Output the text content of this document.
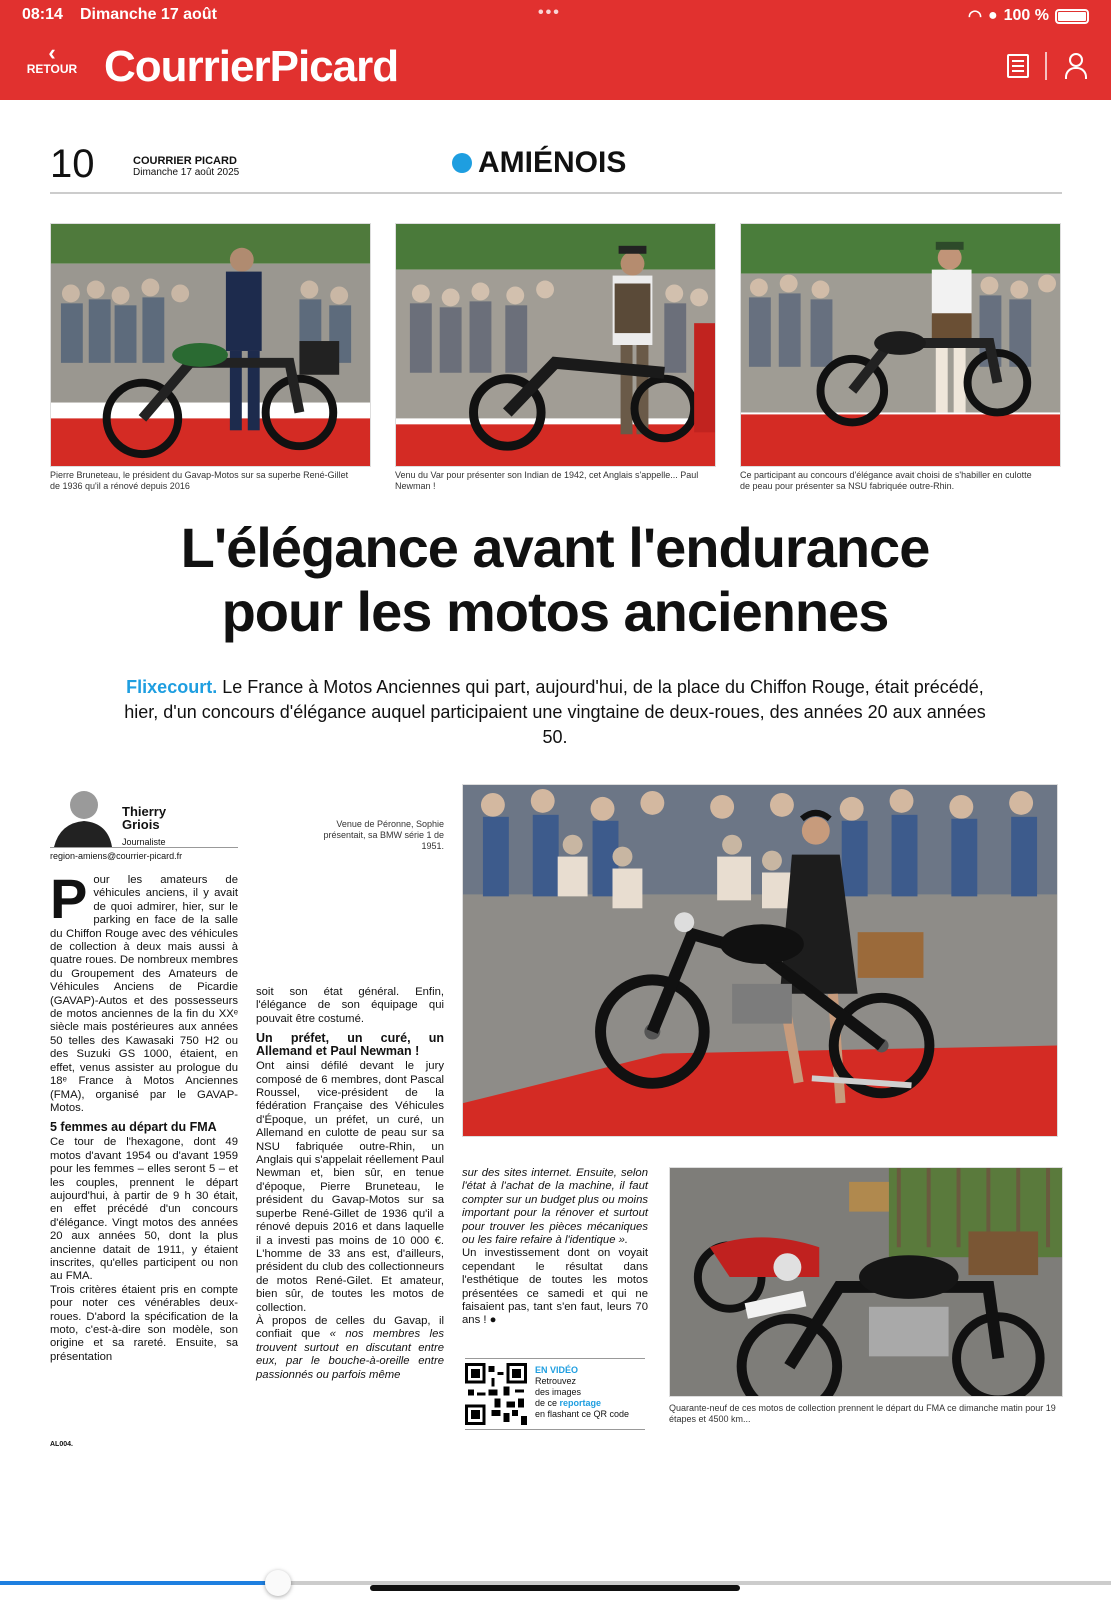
08:14 Dimanche 17 août	•••	◠ ● 100 %
‹
RETOUR CourrierPicard
10	COURRIER PICARD
Dimanche 17 août 2025	AMIÉNOIS
Pierre Bruneteau, le président du Gavap-Motos sur sa superbe René-Gillet de 1936 qu'il a rénové depuis 2016
Venu du Var pour présenter son Indian de 1942, cet Anglais s'appelle... Paul Newman !
Ce participant au concours d'élégance avait choisi de s'habiller en culotte de peau pour présenter sa NSU fabriquée outre-Rhin.
L'élégance avant l'endurance
pour les motos anciennes
Flixecourt. Le France à Motos Anciennes qui part, aujourd'hui, de la place du Chiffon Rouge, était précédé, hier, d'un concours d'élégance auquel participaient une vingtaine de deux-roues, des années 20 aux années 50.
Thierry
Griois
Journaliste
region-amiens@courrier-picard.fr

Pour les amateurs de véhicules anciens, il y avait de quoi admirer, hier, sur le parking en face de la salle du Chiffon Rouge avec des véhicules de collection à deux mais aussi à quatre roues. De nombreux membres du Groupement des Amateurs de Véhicules Anciens de Picardie (GAVAP)-Autos et des possesseurs de motos anciennes de la fin du XXᵉ siècle mais postérieures aux années 50 telles des Kawasaki 750 H2 ou des Suzuki GS 1000, étaient, en effet, venus assister au prologue du 18ᵉ France à Motos Anciennes (FMA), organisé par le GAVAP-Motos.

5 femmes au départ du FMA

Ce tour de l'hexagone, dont 49 motos d'avant 1954 ou d'avant 1959 pour les femmes – elles seront 5 – et les couples, prennent le départ aujourd'hui, à partir de 9 h 30 était, en effet précédé d'un concours d'élégance. Vingt motos des années 20 aux années 50, dont la plus ancienne datait de 1911, y étaient inscrites, qu'elles participent ou non au FMA.

Trois critères étaient pris en compte pour noter ces vénérables deux-roues. D'abord la spécification de la moto, c'est-à-dire son modèle, son origine et sa rareté. Ensuite, sa présentation

Venue de Péronne, Sophie présentait, sa BMW série 1 de 1951.

soit son état général. Enfin, l'élégance de son équipage qui pouvait être costumé.

Un préfet, un curé, un Allemand et Paul Newman !

Ont ainsi défilé devant le jury composé de 6 membres, dont Pascal Roussel, vice-président de la fédération Française des Véhicules d'Époque, un préfet, un curé, un Allemand en culotte de peau sur sa NSU fabriquée outre-Rhin, un Anglais qui s'appelait réellement Paul Newman et, bien sûr, en tenue d'époque, Pierre Bruneteau, le président du Gavap-Motos sur sa superbe René-Gillet de 1936 qu'il a rénové depuis 2016 et dans laquelle il a investi pas moins de 10 000 €. L'homme de 33 ans est, d'ailleurs, président du club des collectionneurs de motos René-Gilet. Et amateur, bien sûr, de toutes les motos de collection.

À propos de celles du Gavap, il confiait que « nos membres les trouvent surtout en discutant entre eux, par le bouche-à-oreille entre passionnés ou parfois même

sur des sites internet. Ensuite, selon l'état à l'achat de la machine, il faut compter sur un budget plus ou moins important pour la rénover et surtout pour trouver les pièces mécaniques ou les faire refaire à l'identique ».

Un investissement dont on voyait cependant le résultat dans l'esthétique de toutes les motos présentées ce samedi et qui ne faisaient pas, tant s'en faut, leurs 70 ans ! ●

EN VIDÉO
Retrouvez
des images
de ce reportage
en flashant ce QR code
Quarante-neuf de ces motos de collection prennent le départ du FMA ce dimanche matin pour 19 étapes et 4500 km...
AL004.
